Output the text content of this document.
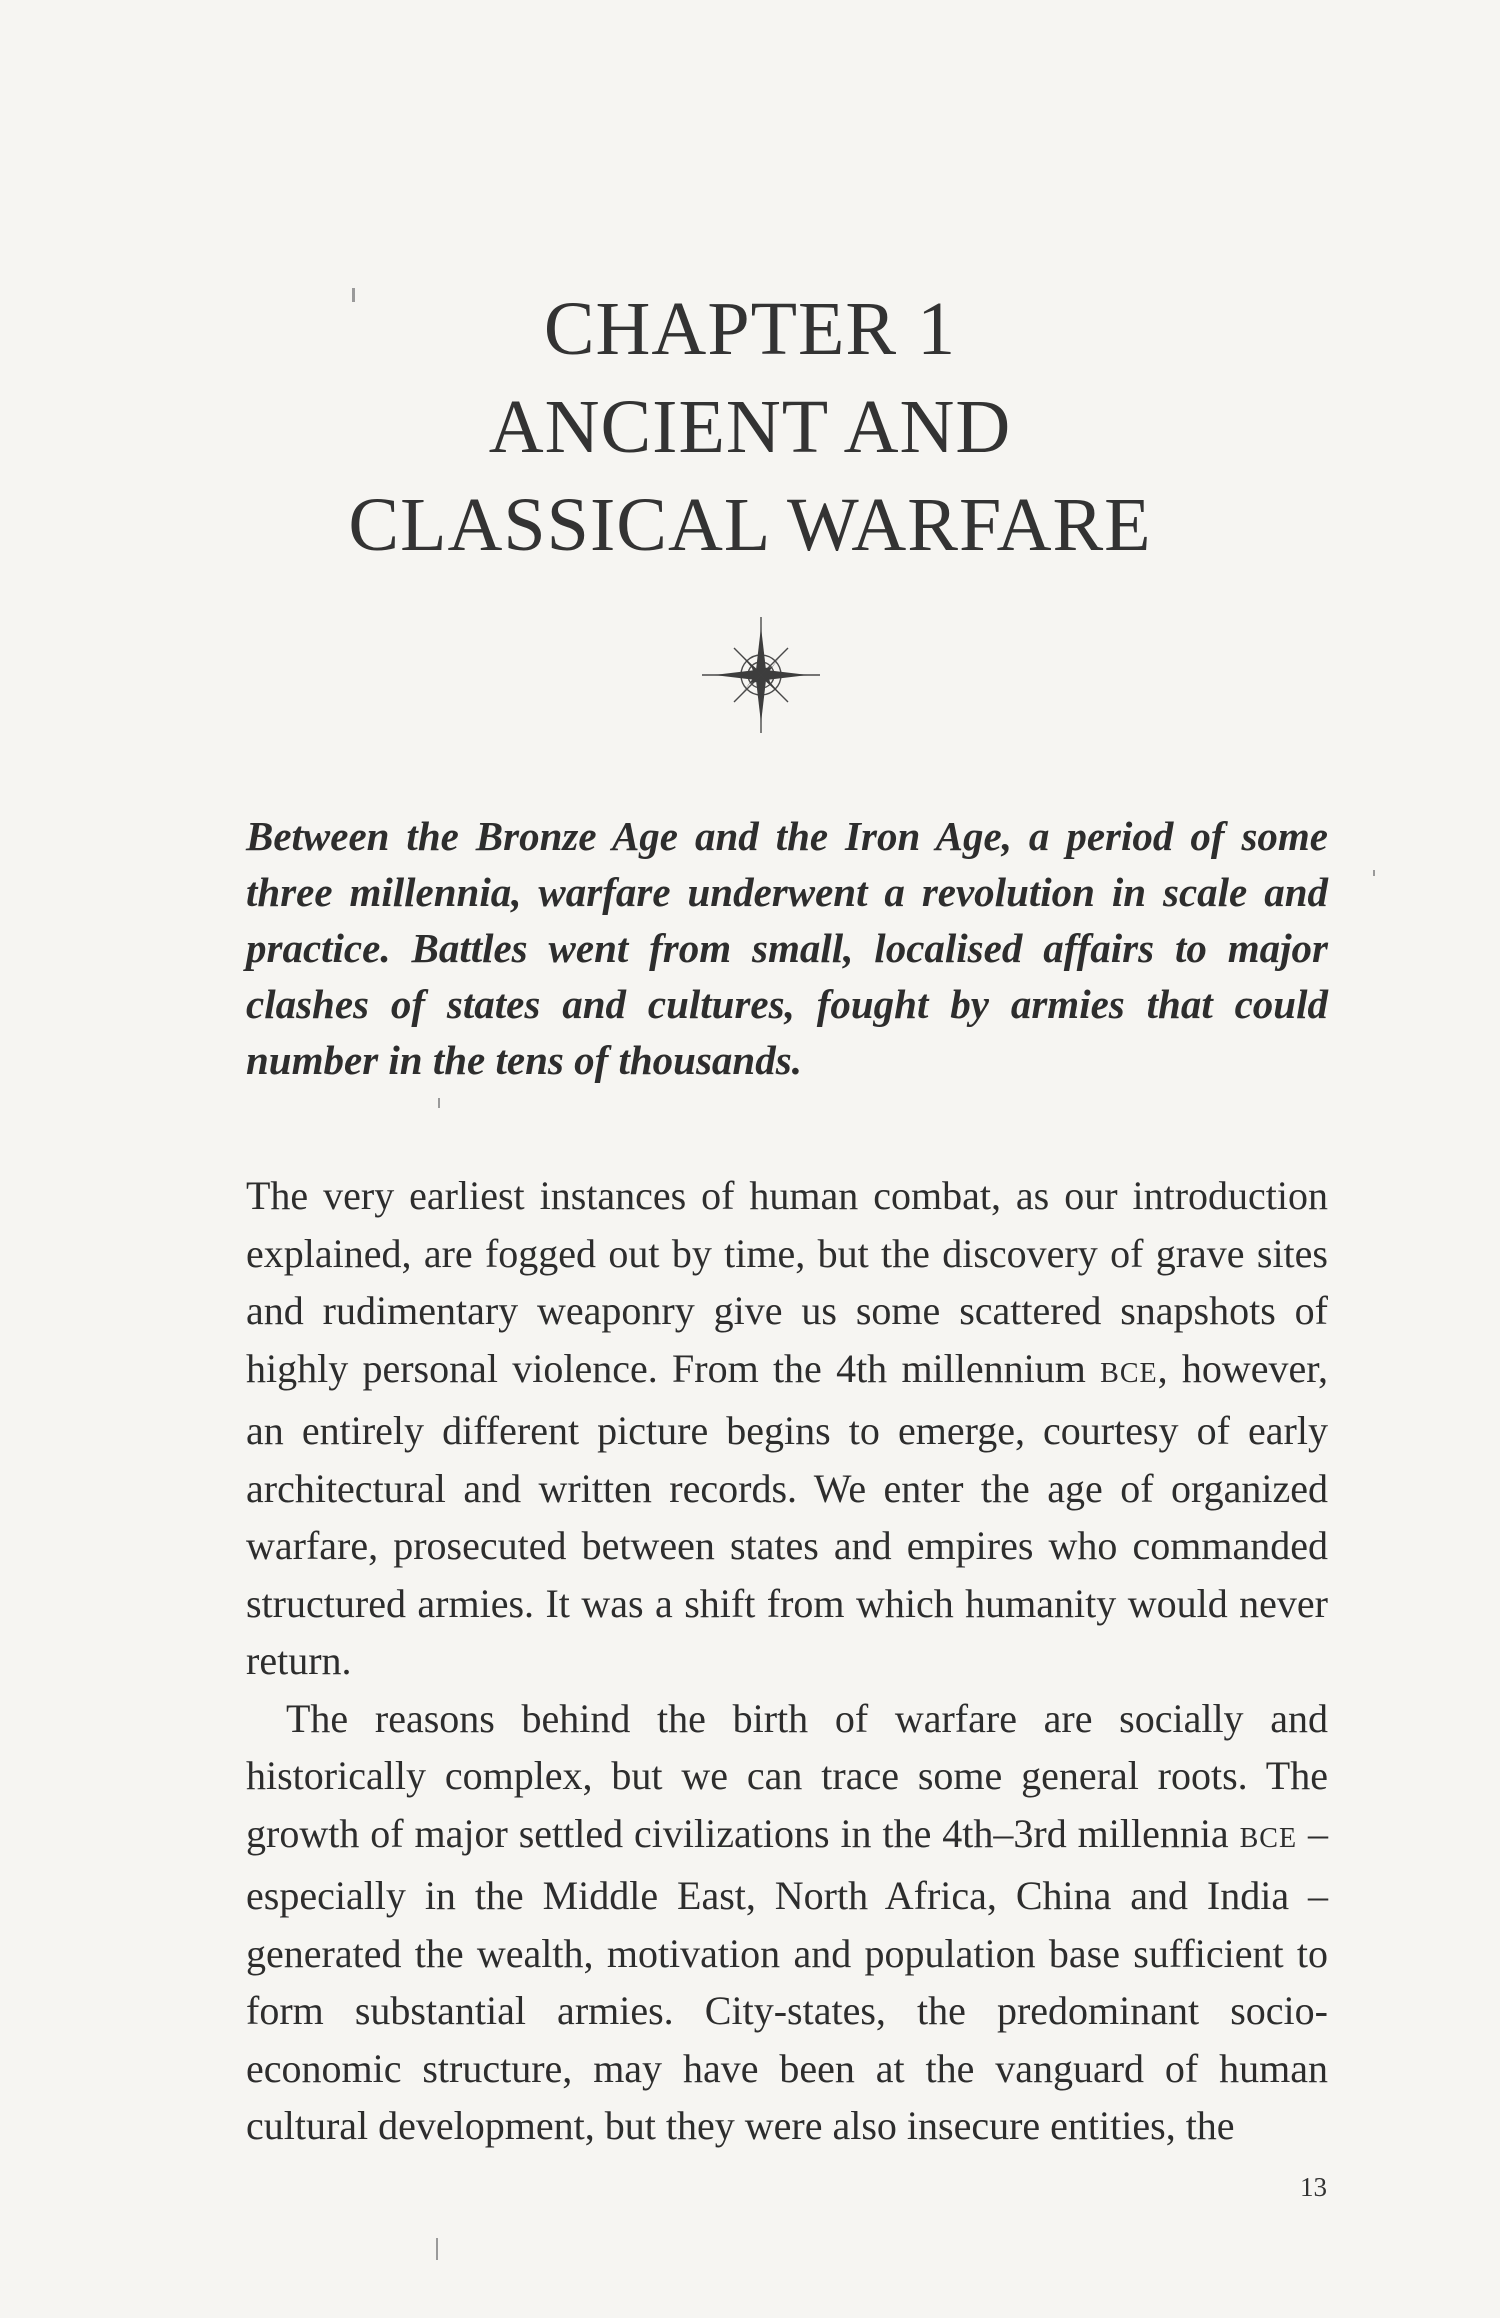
CHAPTER 1
ANCIENT AND
CLASSICAL WARFARE
Between the Bronze Age and the Iron Age, a period of some three millennia, warfare underwent a revolution in scale and practice. Battles went from small, localised affairs to major clashes of states and cultures, fought by armies that could number in the tens of thousands.

The very earliest instances of human combat, as our introduction explained, are fogged out by time, but the discovery of grave sites and rudimentary weaponry give us some scattered snapshots of highly personal violence. From the 4th millennium BCE, however, an entirely different picture begins to emerge, courtesy of early architectural and written records. We enter the age of organized warfare, prosecuted between states and empires who commanded structured armies. It was a shift from which humanity would never return.

The reasons behind the birth of warfare are socially and historically complex, but we can trace some general roots. The growth of major settled civilizations in the 4th–3rd millennia BCE – especially in the Middle East, North Africa, China and India – generated the wealth, motivation and population base sufficient to form substantial armies. City-states, the predominant socio-economic structure, may have been at the vanguard of human cultural development, but they were also insecure entities, the

13
